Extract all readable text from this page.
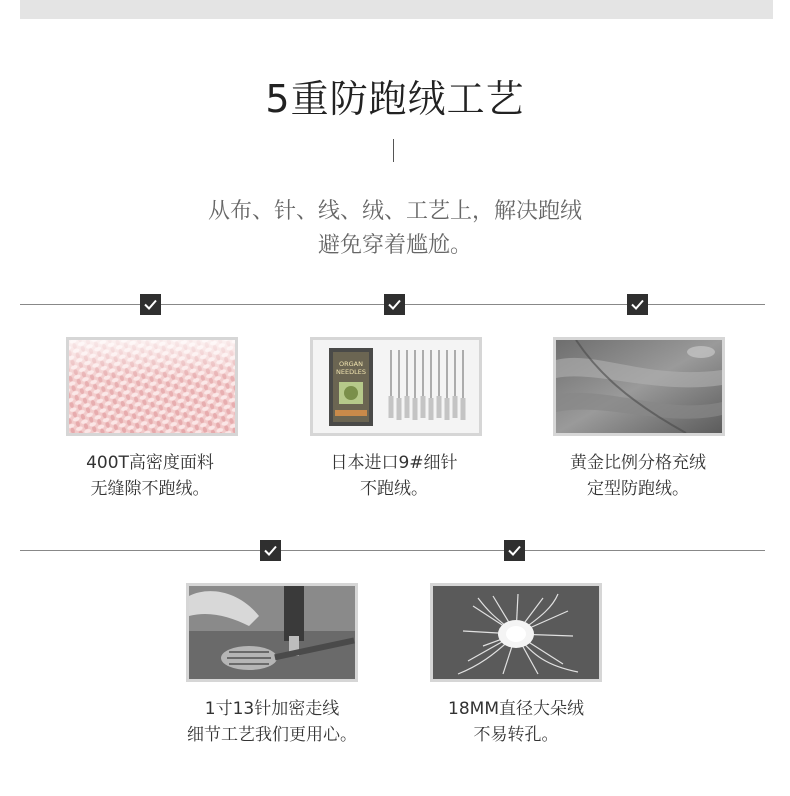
5重防跑绒工艺
从布、针、线、绒、工艺上，解决跑绒
避免穿着尴尬。
ORGAN
NEEDLES
400T高密度面料
无缝隙不跑绒。
日本进口9#细针
不跑绒。
黄金比例分格充绒
定型防跑绒。
1寸13针加密走线
细节工艺我们更用心。
18MM直径大朵绒
不易转孔。
